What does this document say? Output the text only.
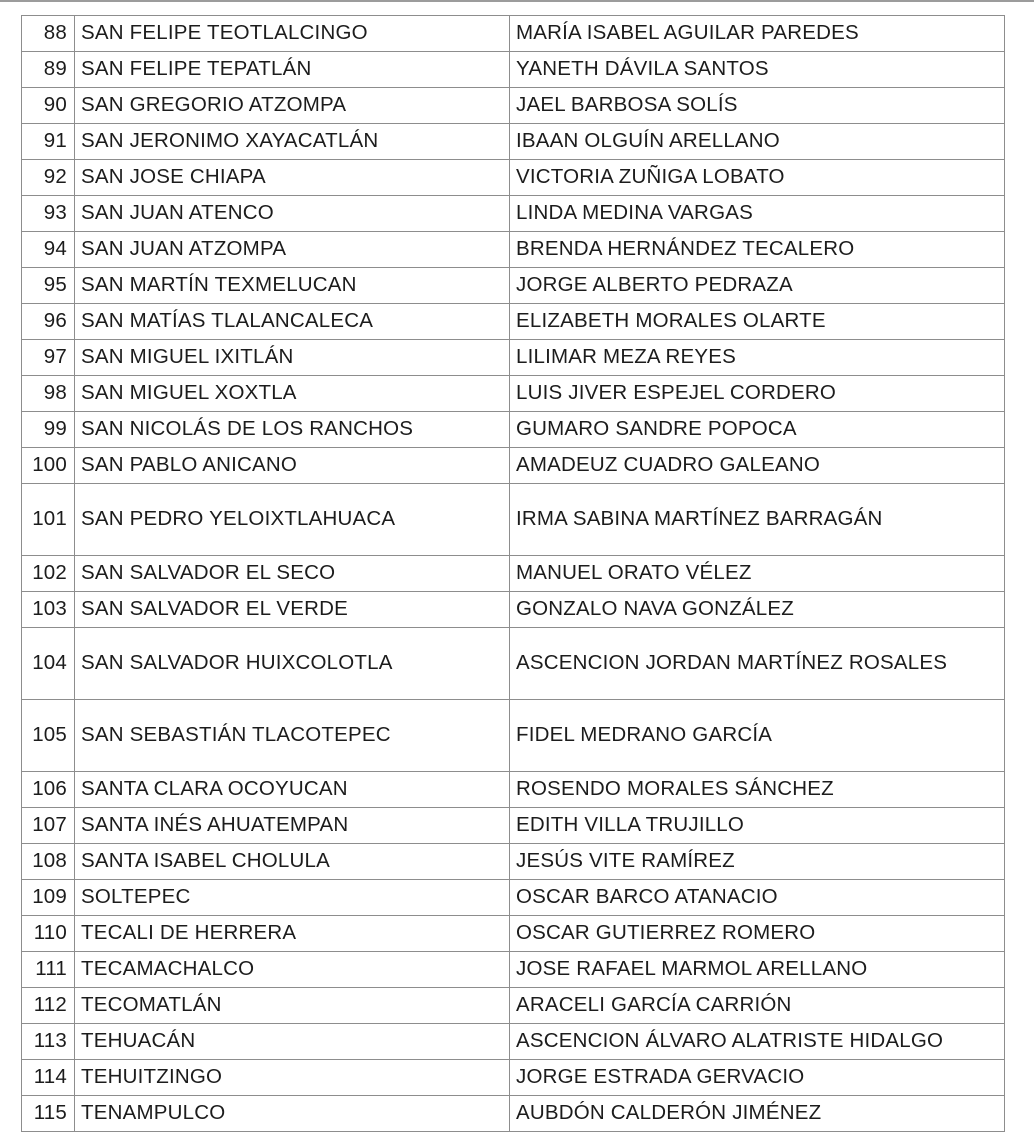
88	SAN FELIPE TEOTLALCINGO	MARÍA ISABEL AGUILAR PAREDES
89	SAN FELIPE TEPATLÁN	YANETH DÁVILA SANTOS
90	SAN GREGORIO ATZOMPA	JAEL BARBOSA SOLÍS
91	SAN JERONIMO XAYACATLÁN	IBAAN OLGUÍN ARELLANO
92	SAN JOSE CHIAPA	VICTORIA ZUÑIGA LOBATO
93	SAN JUAN ATENCO	LINDA MEDINA VARGAS
94	SAN JUAN ATZOMPA	BRENDA HERNÁNDEZ TECALERO
95	SAN MARTÍN TEXMELUCAN	JORGE ALBERTO PEDRAZA
96	SAN MATÍAS TLALANCALECA	ELIZABETH MORALES OLARTE
97	SAN MIGUEL IXITLÁN	LILIMAR MEZA REYES
98	SAN MIGUEL XOXTLA	LUIS JIVER ESPEJEL CORDERO
99	SAN NICOLÁS DE LOS RANCHOS	GUMARO SANDRE POPOCA
100	SAN PABLO ANICANO	AMADEUZ CUADRO GALEANO
101	SAN PEDRO YELOIXTLAHUACA	IRMA SABINA MARTÍNEZ BARRAGÁN
102	SAN SALVADOR EL SECO	MANUEL ORATO VÉLEZ
103	SAN SALVADOR EL VERDE	GONZALO NAVA GONZÁLEZ
104	SAN SALVADOR HUIXCOLOTLA	ASCENCION JORDAN MARTÍNEZ ROSALES
105	SAN SEBASTIÁN TLACOTEPEC	FIDEL MEDRANO GARCÍA
106	SANTA CLARA OCOYUCAN	ROSENDO MORALES SÁNCHEZ
107	SANTA INÉS AHUATEMPAN	EDITH VILLA TRUJILLO
108	SANTA ISABEL CHOLULA	JESÚS VITE RAMÍREZ
109	SOLTEPEC	OSCAR BARCO ATANACIO
110	TECALI DE HERRERA	OSCAR GUTIERREZ ROMERO
111	TECAMACHALCO	JOSE RAFAEL MARMOL ARELLANO
112	TECOMATLÁN	ARACELI GARCÍA CARRIÓN
113	TEHUACÁN	ASCENCION ÁLVARO ALATRISTE HIDALGO
114	TEHUITZINGO	JORGE ESTRADA GERVACIO
115	TENAMPULCO	AUBDÓN CALDERÓN JIMÉNEZ
